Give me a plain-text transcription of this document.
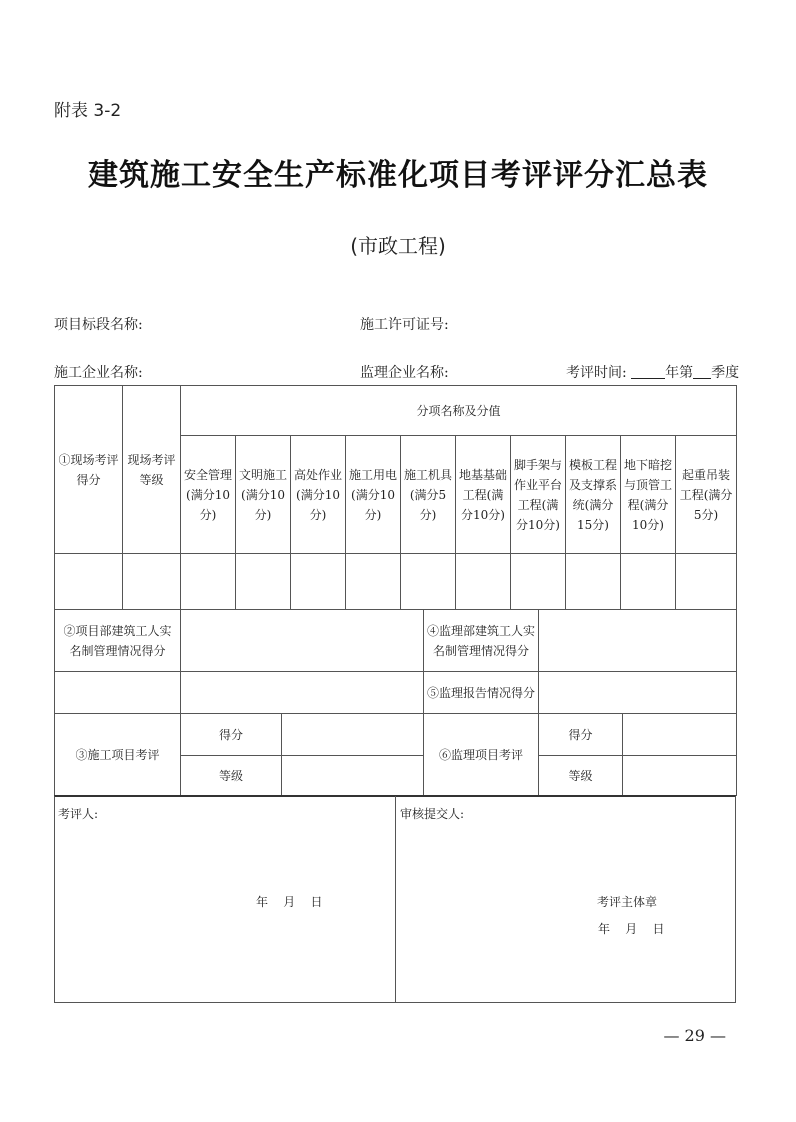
附表 3-2
建筑施工安全生产标准化项目考评评分汇总表
(市政工程)
项目标段名称:	施工许可证号:
施工企业名称:	监理企业名称:	考评时间:	年第 季度
①现场考评得分	现场考评等级	分项名称及分值									
		安全管理(满分10分)	文明施工(满分10分)	高处作业(满分10分)	施工用电(满分10分)	施工机具(满分5分)	地基基础工程(满分10分)	脚手架与作业平台工程(满分10分)	模板工程及支撑系统(满分15分)	地下暗挖与顶管工程(满分10分)	起重吊装工程(满分5分)

②项目部建筑工人实名制管理情况得分			④监理部建筑工人实名制管理情况得分		
			⑤监理报告情况得分		
③施工项目考评	得分		⑥监理项目考评	得分	
	等级			等级	
考评人:	审核提交人:
年    月    日	考评主体章
年    月    日
— 29 —
